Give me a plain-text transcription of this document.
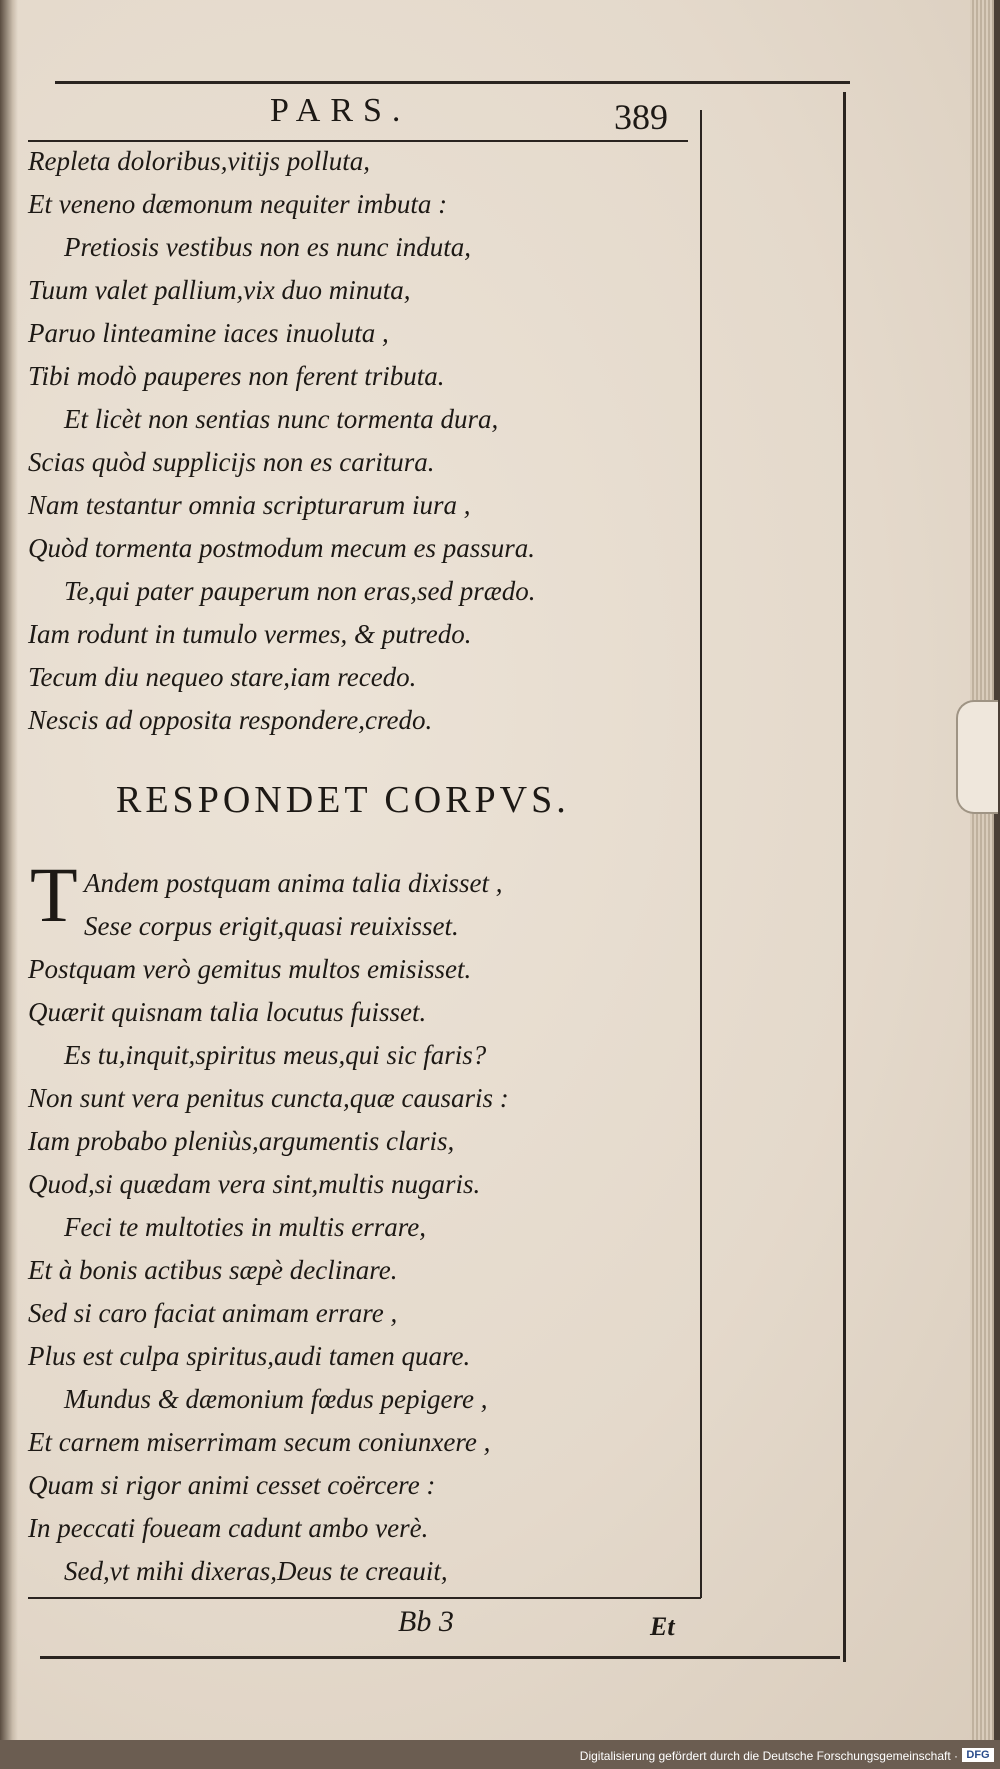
PARS.	389

Repleta doloribus,vitijs polluta,

Et veneno dæmonum nequiter imbuta :

Pretiosis vestibus non es nunc induta,

Tuum valet pallium,vix duo minuta,

Paruo linteamine iaces inuoluta ,

Tibi modò pauperes non ferent tributa.

Et licèt non sentias nunc tormenta dura,

Scias quòd supplicijs non es caritura.

Nam testantur omnia scripturarum iura ,

Quòd tormenta postmodum mecum es passura.

Te,qui pater pauperum non eras,sed prædo.

Iam rodunt in tumulo vermes, & putredo.

Tecum diu nequeo stare,iam recedo.

Nescis ad opposita respondere,credo.

RESPONDET CORPVS.
T Andem postquam anima talia dixisset ,

Sese corpus erigit,quasi reuixisset.

Postquam verò gemitus multos emisisset.

Quærit quisnam talia locutus fuisset.

Es tu,inquit,spiritus meus,qui sic faris?

Non sunt vera penitus cuncta,quæ causaris :

Iam probabo pleniùs,argumentis claris,

Quod,si quædam vera sint,multis nugaris.

Feci te multoties in multis errare,

Et à bonis actibus sæpè declinare.

Sed si caro faciat animam errare ,

Plus est culpa spiritus,audi tamen quare.

Mundus & dæmonium fœdus pepigere ,

Et carnem miserrimam secum coniunxere ,

Quam si rigor animi cesset coërcere :

In peccati foueam cadunt ambo verè.

Sed,vt mihi dixeras,Deus te creauit,

Bb 3	Et
Digitalisierung gefördert durch die Deutsche Forschungsgemeinschaft · DFG
